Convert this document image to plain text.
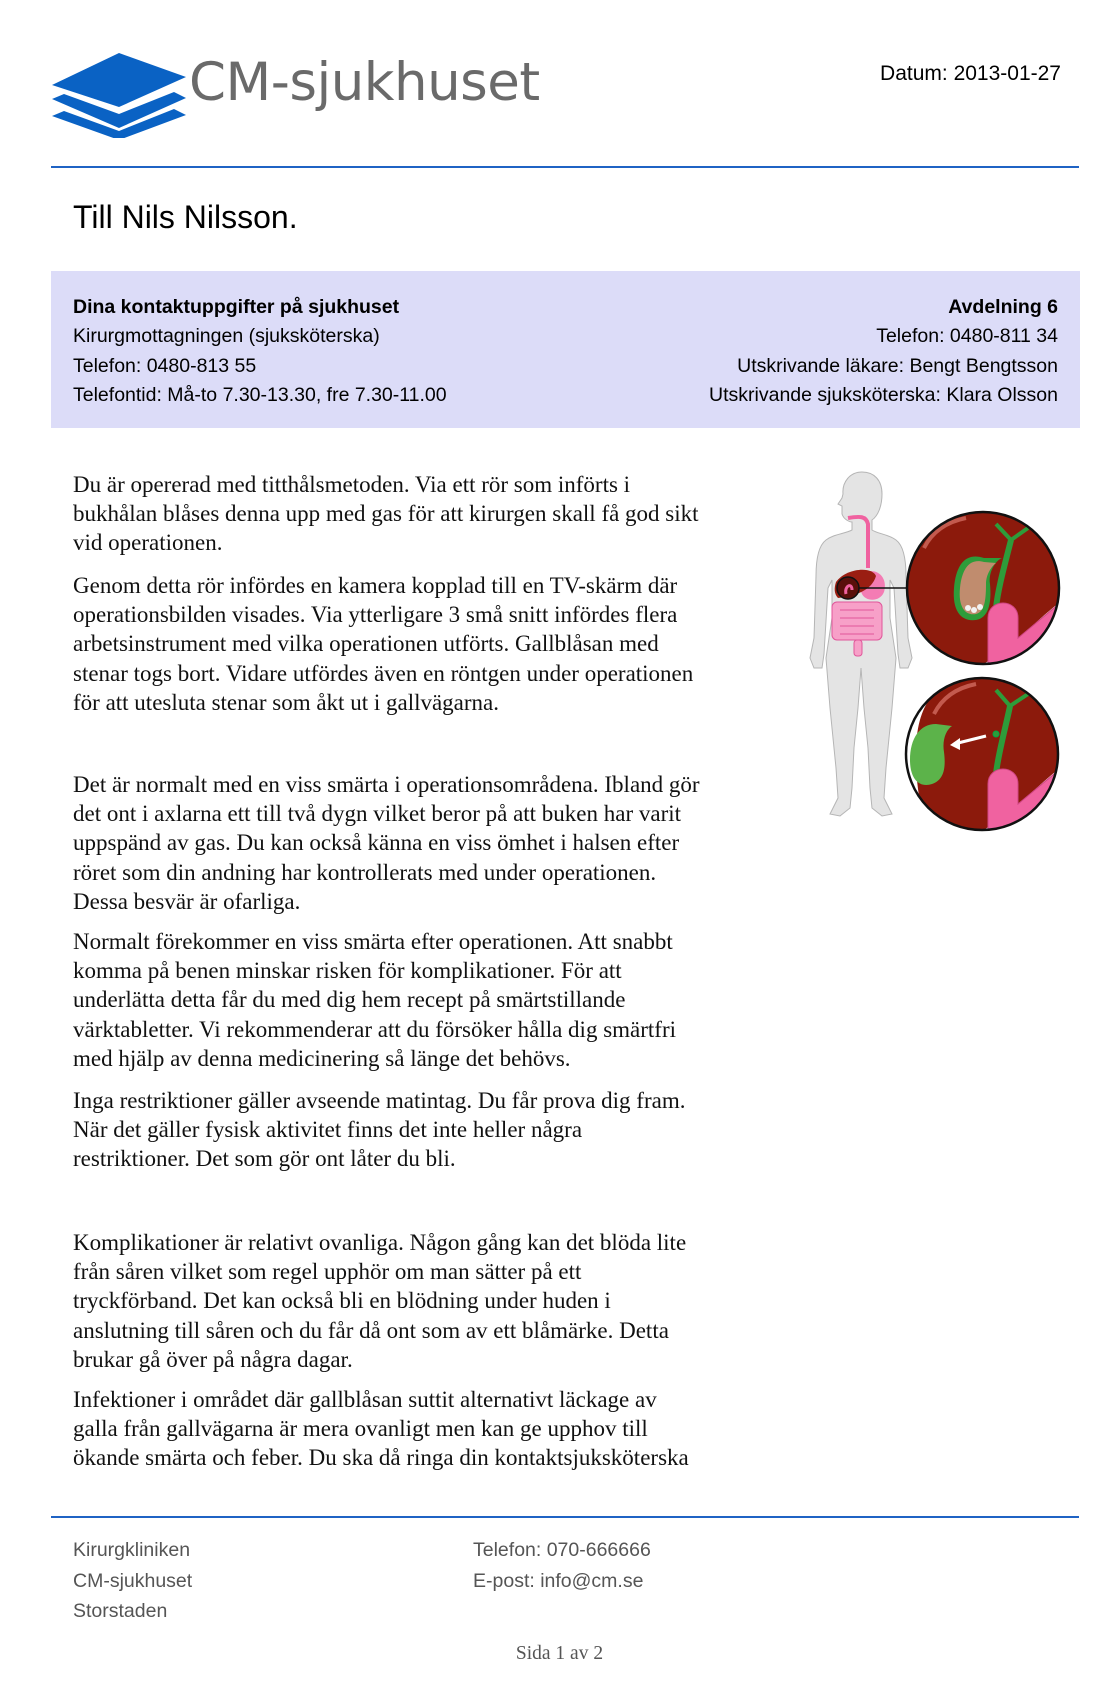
CM-sjukhuset	Datum: 2013-01-27
Till Nils Nilsson.
Dina kontaktuppgifter på sjukhuset
Kirurgmottagningen (sjuksköterska)
Telefon: 0480-813 55
Telefontid: Må-to 7.30-13.30, fre 7.30-11.00
Avdelning 6
Telefon: 0480-811 34
Utskrivande läkare: Bengt Bengtsson
Utskrivande sjuksköterska: Klara Olsson
Du är opererad med titthålsmetoden. Via ett rör som införts i
bukhålan blåses denna upp med gas för att kirurgen skall få god sikt
vid operationen.
Genom detta rör infördes en kamera kopplad till en TV-skärm där
operationsbilden visades. Via ytterligare 3 små snitt infördes flera
arbetsinstrument med vilka operationen utförts. Gallblåsan med
stenar togs bort. Vidare utfördes även en röntgen under operationen
för att utesluta stenar som åkt ut i gallvägarna.
Det är normalt med en viss smärta i operationsområdena. Ibland gör
det ont i axlarna ett till två dygn vilket beror på att buken har varit
uppspänd av gas. Du kan också känna en viss ömhet i halsen efter
röret som din andning har kontrollerats med under operationen.
Dessa besvär är ofarliga.
Normalt förekommer en viss smärta efter operationen. Att snabbt
komma på benen minskar risken för komplikationer. För att
underlätta detta får du med dig hem recept på smärtstillande
värktabletter. Vi rekommenderar att du försöker hålla dig smärtfri
med hjälp av denna medicinering så länge det behövs.
Inga restriktioner gäller avseende matintag. Du får prova dig fram.
När det gäller fysisk aktivitet finns det inte heller några
restriktioner. Det som gör ont låter du bli.
Komplikationer är relativt ovanliga. Någon gång kan det blöda lite
från såren vilket som regel upphör om man sätter på ett
tryckförband. Det kan också bli en blödning under huden i
anslutning till såren och du får då ont som av ett blåmärke. Detta
brukar gå över på några dagar.
Infektioner i området där gallblåsan suttit alternativt läckage av
galla från gallvägarna är mera ovanligt men kan ge upphov till
ökande smärta och feber. Du ska då ringa din kontaktsjuksköterska
Kirurgkliniken
CM-sjukhuset
Storstaden
Telefon: 070-666666
E-post: info@cm.se
Sida 1 av 2
